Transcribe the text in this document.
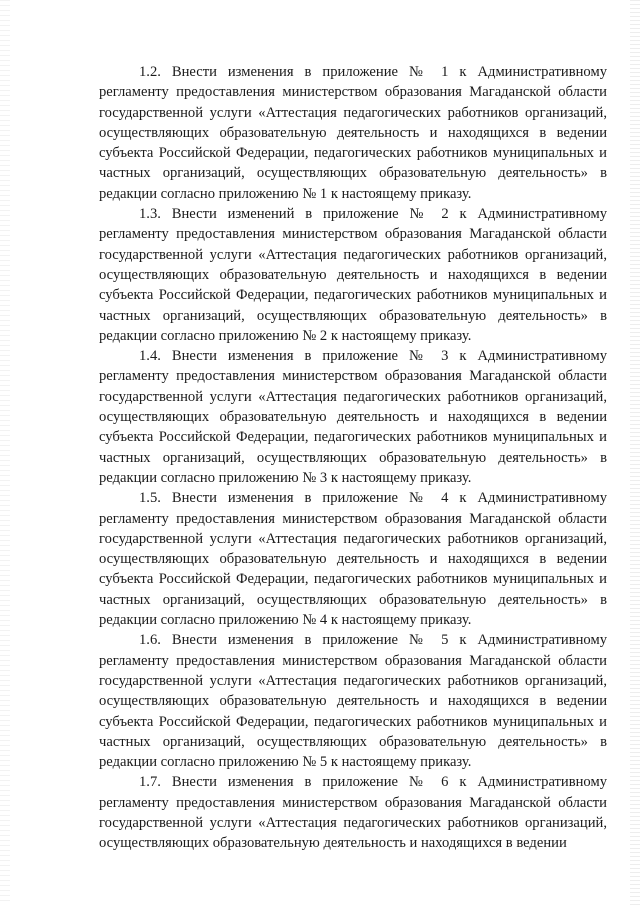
1.2. Внести изменения в приложение № 1 к Административному регламенту предоставления министерством образования Магаданской области государственной услуги «Аттестация педагогических работников организаций, осуществляющих образовательную деятельность и находящихся в ведении субъекта Российской Федерации, педагогических работников муниципальных и частных организаций, осуществляющих образовательную деятельность» в редакции согласно приложению № 1 к настоящему приказу.

1.3. Внести изменений в приложение № 2 к Административному регламенту предоставления министерством образования Магаданской области государственной услуги «Аттестация педагогических работников организаций, осуществляющих образовательную деятельность и находящихся в ведении субъекта Российской Федерации, педагогических работников муниципальных и частных организаций, осуществляющих образовательную деятельность» в редакции согласно приложению № 2 к настоящему приказу.

1.4. Внести изменения в приложение № 3 к Административному регламенту предоставления министерством образования Магаданской области государственной услуги «Аттестация педагогических работников организаций, осуществляющих образовательную деятельность и находящихся в ведении субъекта Российской Федерации, педагогических работников муниципальных и частных организаций, осуществляющих образовательную деятельность» в редакции согласно приложению № 3 к настоящему приказу.

1.5. Внести изменения в приложение № 4 к Административному регламенту предоставления министерством образования Магаданской области государственной услуги «Аттестация педагогических работников организаций, осуществляющих образовательную деятельность и находящихся в ведении субъекта Российской Федерации, педагогических работников муниципальных и частных организаций, осуществляющих образовательную деятельность» в редакции согласно приложению № 4 к настоящему приказу.

1.6. Внести изменения в приложение № 5 к Административному регламенту предоставления министерством образования Магаданской области государственной услуги «Аттестация педагогических работников организаций, осуществляющих образовательную деятельность и находящихся в ведении субъекта Российской Федерации, педагогических работников муниципальных и частных организаций, осуществляющих образовательную деятельность» в редакции согласно приложению № 5 к настоящему приказу.

1.7. Внести изменения в приложение № 6 к Административному регламенту предоставления министерством образования Магаданской области государственной услуги «Аттестация педагогических работников организаций, осуществляющих образовательную деятельность и находящихся в ведении
